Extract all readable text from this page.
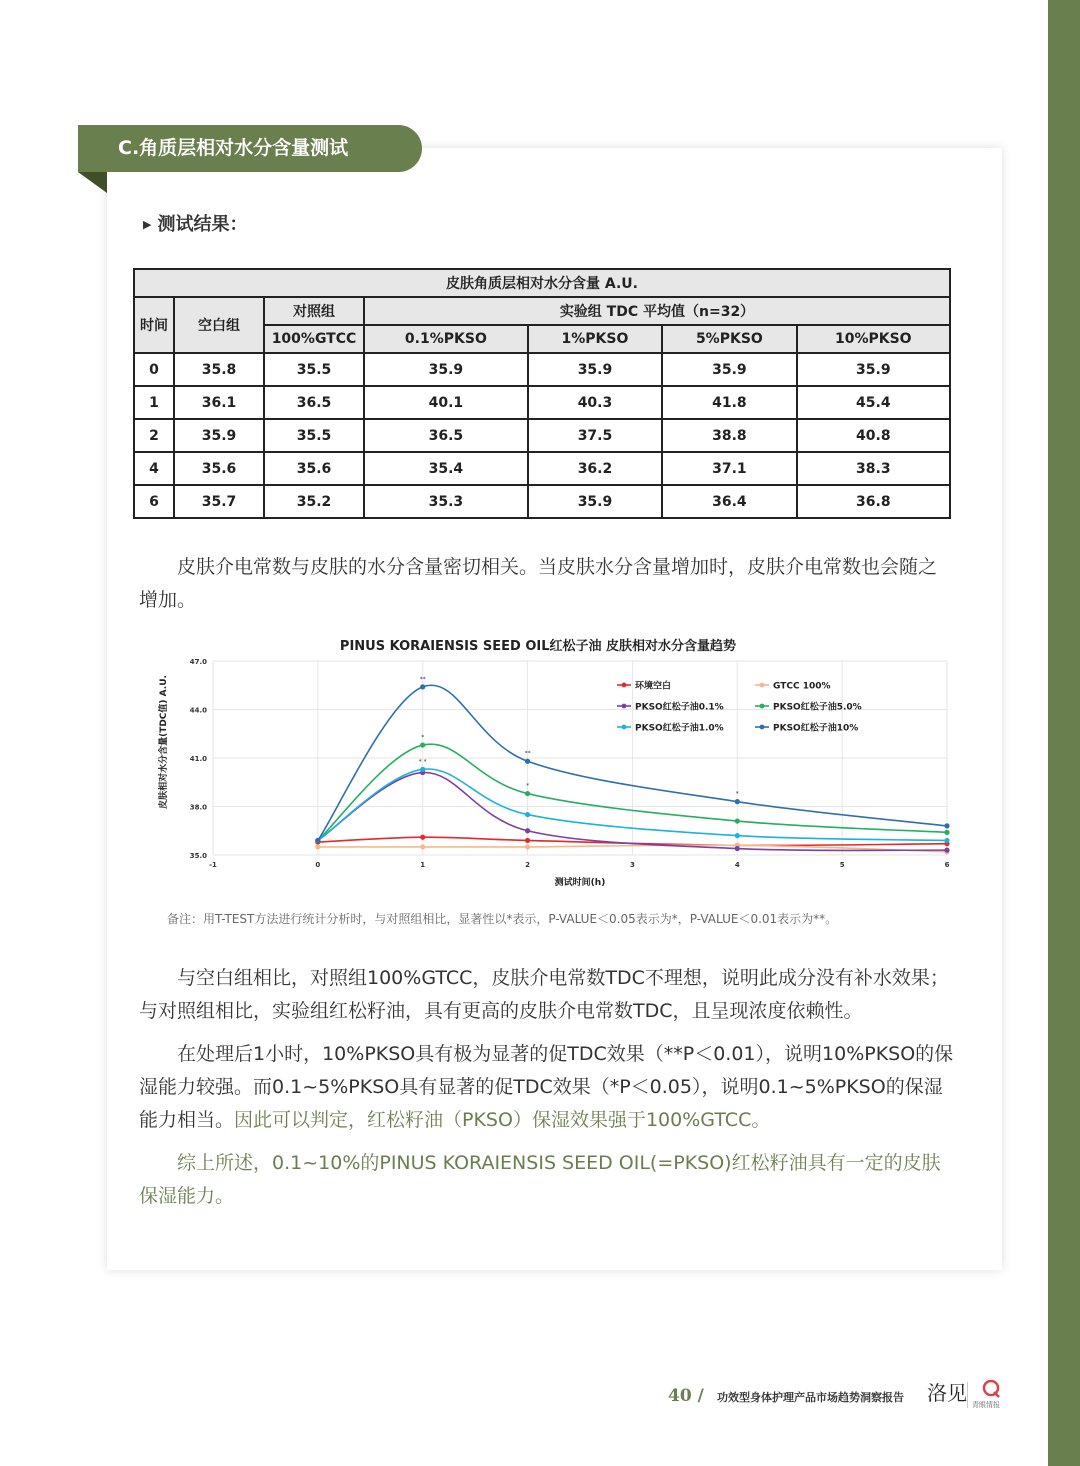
C.角质层相对水分含量测试
▶ 测试结果：
皮肤角质层相对水分含量 A.U.						
时间	空白组	对照组	实验组 TDC 平均值（n=32）			
		100%GTCC	0.1%PKSO	1%PKSO	5%PKSO	10%PKSO
0	35.8	35.5	35.9	35.9	35.9	35.9
1	36.1	36.5	40.1	40.3	41.8	45.4
2	35.9	35.5	36.5	37.5	38.8	40.8
4	35.6	35.6	35.4	36.2	37.1	38.3
6	35.7	35.2	35.3	35.9	36.4	36.8

皮肤介电常数与皮肤的水分含量密切相关。当皮肤水分含量增加时，皮肤介电常数也会随之增加。

35.0
38.0
41.0
44.0
47.0
-1	0	1	2	3	4	5	6
PINUS KORAIENSIS SEED OIL红松子油 皮肤相对水分含量趋势
测试时间(h)
皮肤相对水分含量(TDC值) A.U.	**
*
* *
**
*
*
环境空白	GTCC 100%
PKSO红松子油0.1%	PKSO红松子油5.0%
PKSO红松子油1.0%	PKSO红松子油10%
备注：用T-TEST方法进行统计分析时，与对照组相比，显著性以*表示，P-VALUE＜0.05表示为*，P-VALUE＜0.01表示为**。

与空白组相比，对照组100%GTCC，皮肤介电常数TDC不理想，说明此成分没有补水效果；与对照组相比，实验组红松籽油，具有更高的皮肤介电常数TDC，且呈现浓度依赖性。

在处理后1小时，10%PKSO具有极为显著的促TDC效果（**P＜0.01），说明10%PKSO的保湿能力较强。而0.1~5%PKSO具有显著的促TDC效果（*P＜0.05），说明0.1~5%PKSO的保湿能力相当。因此可以判定，红松籽油（PKSO）保湿效果强于100%GTCC。

综上所述，0.1~10%的PINUS KORAIENSIS SEED OIL(=PKSO)红松籽油具有一定的皮肤保湿能力。

40 / 功效型身体护理产品市场趋势洞察报告 洛见 青眼情报
